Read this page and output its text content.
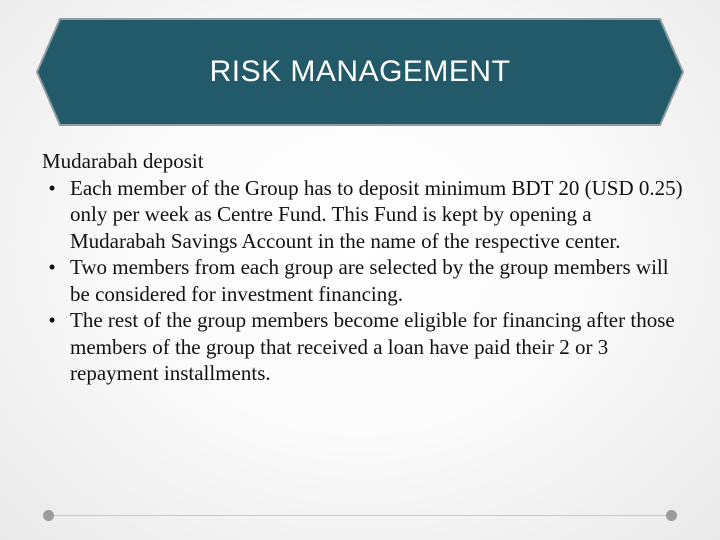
RISK MANAGEMENT

Mudarabah deposit

• Each member of the Group has to deposit minimum BDT 20 (USD 0.25) only per week as Centre Fund. This Fund is kept by opening a Mudarabah Savings Account in the name of the respective center.
• Two members from each group are selected by the group members will be considered for investment financing.
• The rest of the group members become eligible for financing after those members of the group that received a loan have paid their 2 or 3 repayment installments.
